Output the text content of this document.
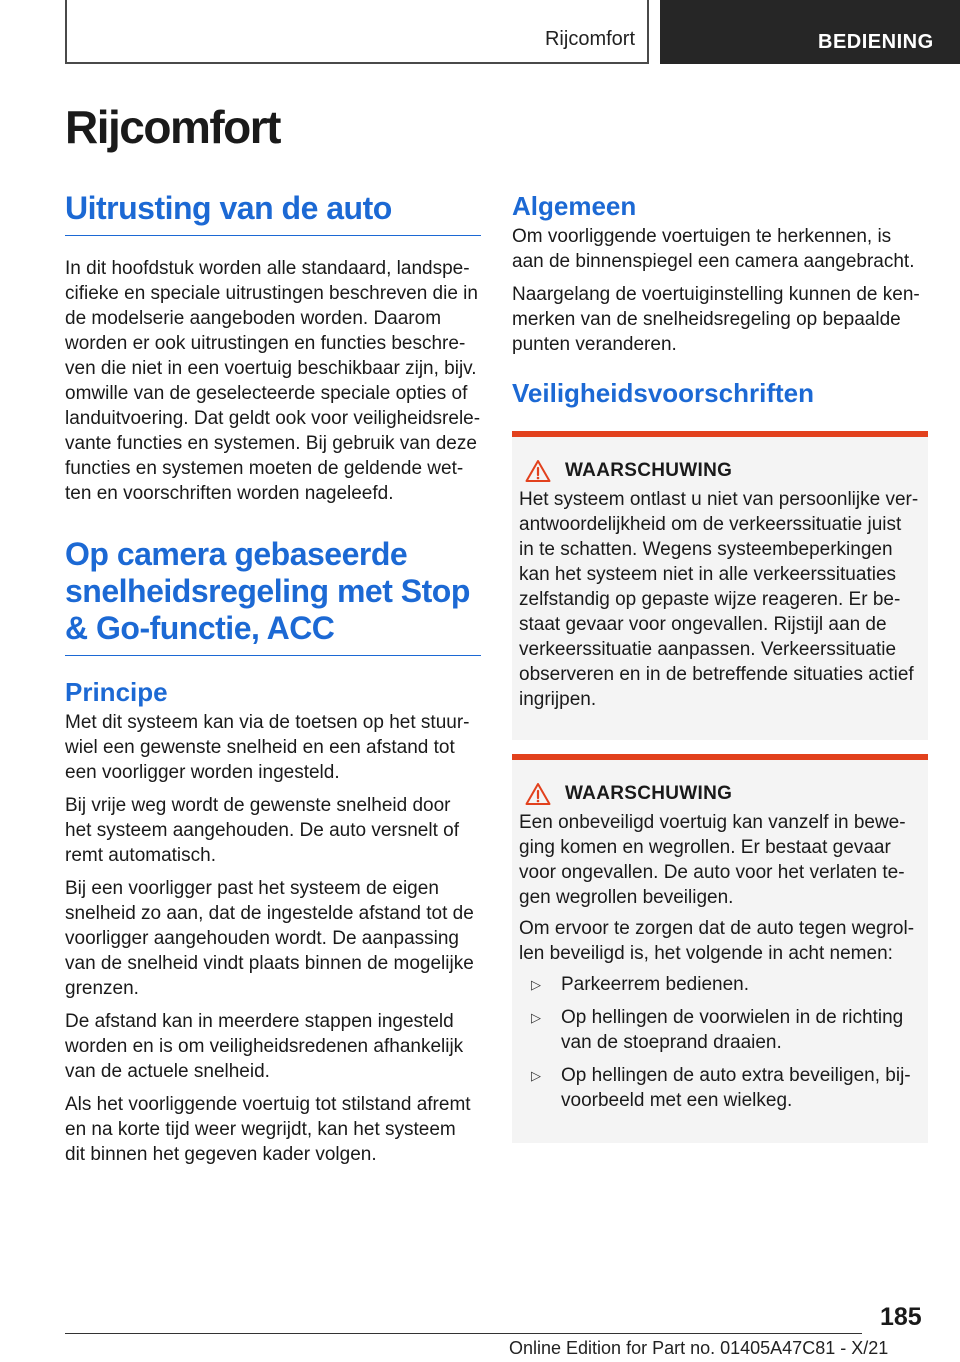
Rijcomfort	BEDIENING
Rijcomfort
Uitrusting van de auto

In dit hoofdstuk worden alle standaard, landspecifieke en speciale uitrustingen beschreven die in de modelserie aangeboden worden. Daarom worden er ook uitrustingen en functies beschreven die niet in een voertuig beschikbaar zijn, bijv. omwille van de geselecteerde speciale opties of landuitvoering. Dat geldt ook voor veiligheidsrelevante functies en systemen. Bij gebruik van deze functies en systemen moeten de geldende wetten en voorschriften worden nageleefd.

Op camera gebaseerde snelheidsregeling met Stop & Go-functie, ACC
Principe

Met dit systeem kan via de toetsen op het stuurwiel een gewenste snelheid en een afstand tot een voorligger worden ingesteld.

Bij vrije weg wordt de gewenste snelheid door het systeem aangehouden. De auto versnelt of remt automatisch.

Bij een voorligger past het systeem de eigen snelheid zo aan, dat de ingestelde afstand tot de voorligger aangehouden wordt. De aanpassing van de snelheid vindt plaats binnen de mogelijke grenzen.

De afstand kan in meerdere stappen ingesteld worden en is om veiligheidsredenen afhankelijk van de actuele snelheid.

Als het voorliggende voertuig tot stilstand afremt en na korte tijd weer wegrijdt, kan het systeem dit binnen het gegeven kader volgen.

Algemeen

Om voorliggende voertuigen te herkennen, is aan de binnenspiegel een camera aangebracht.

Naargelang de voertuiginstelling kunnen de kenmerken van de snelheidsregeling op bepaalde punten veranderen.

Veiligheidsvoorschriften
WAARSCHUWING

Het systeem ontlast u niet van persoonlijke verantwoordelijkheid om de verkeerssituatie juist in te schatten. Wegens systeembeperkingen kan het systeem niet in alle verkeerssituaties zelfstandig op gepaste wijze reageren. Er bestaat gevaar voor ongevallen. Rijstijl aan de verkeerssituatie aanpassen. Verkeerssituatie observeren en in de betreffende situaties actief ingrijpen.

WAARSCHUWING

Een onbeveiligd voertuig kan vanzelf in beweging komen en wegrollen. Er bestaat gevaar voor ongevallen. De auto voor het verlaten tegen wegrollen beveiligen.

Om ervoor te zorgen dat de auto tegen wegrollen beveiligd is, het volgende in acht nemen:

▷	Parkeerrem bedienen.
▷	Op hellingen de voorwielen in de richting van de stoeprand draaien.
▷	Op hellingen de auto extra beveiligen, bijvoorbeeld met een wielkeg.
185
Online Edition for Part no. 01405A47C81 - X/21
